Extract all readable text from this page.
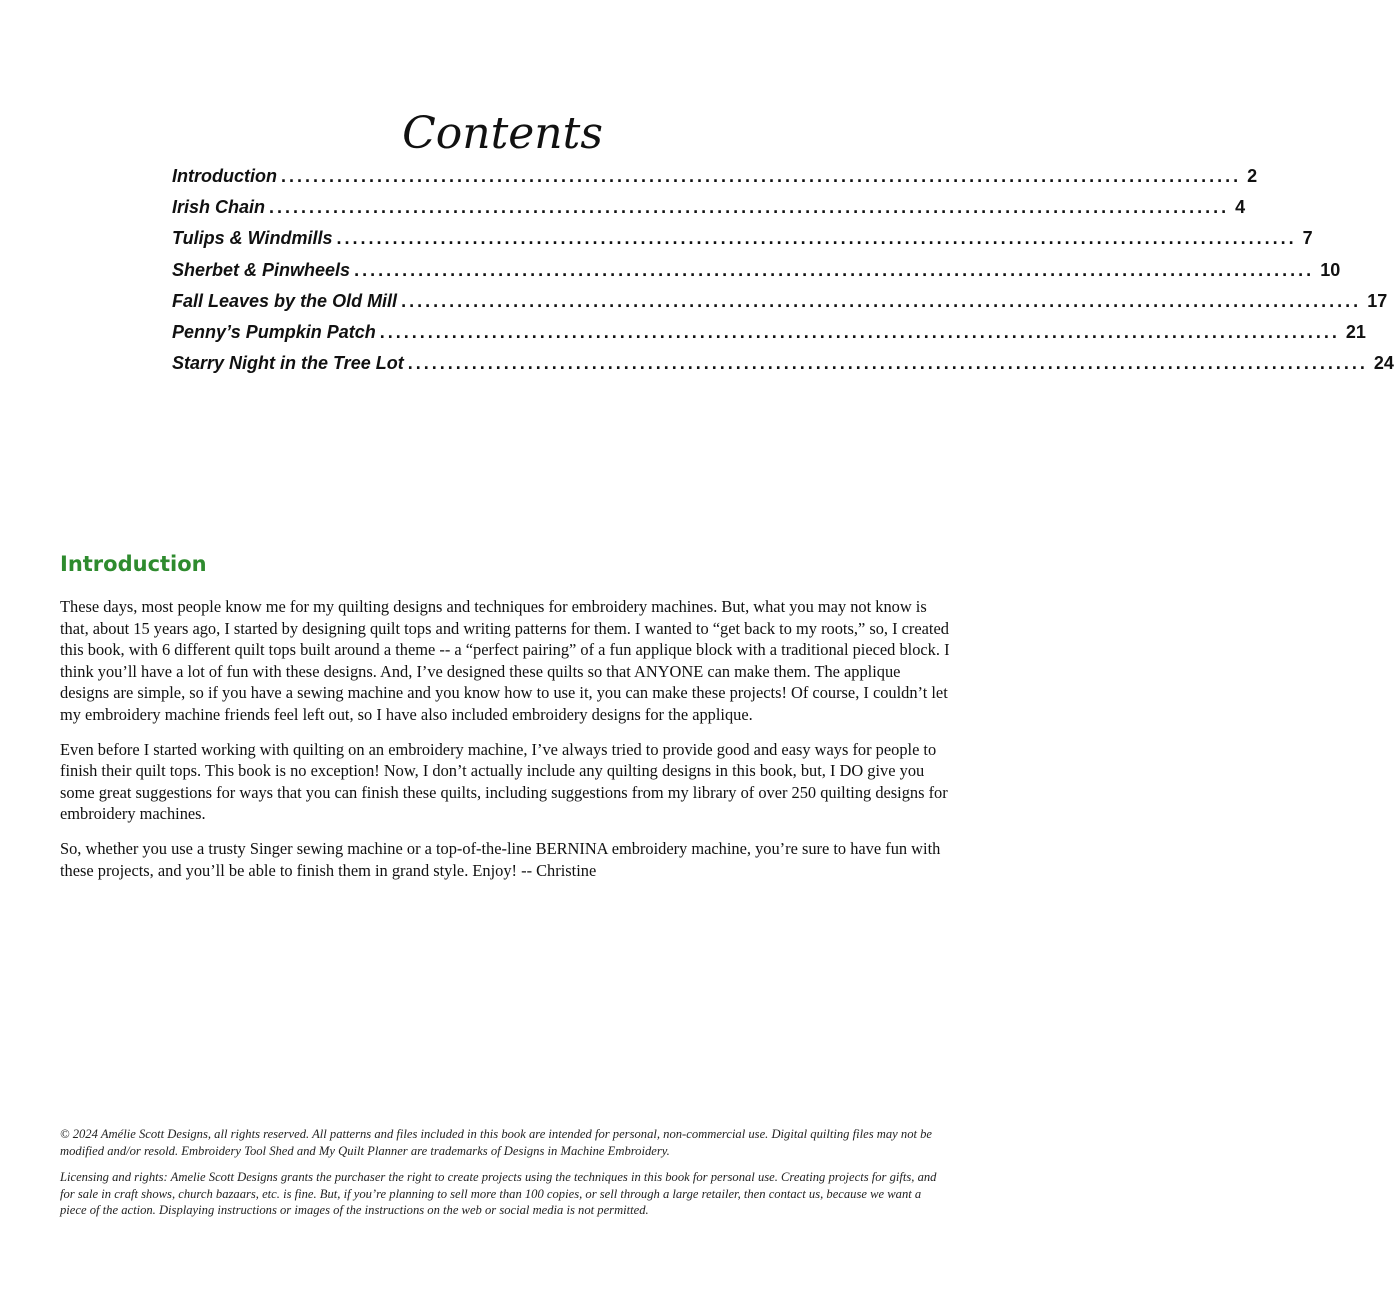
Contents
Introduction ........................................................................................................................ 2
Irish Chain ........................................................................................................................ 4
Tulips & Windmills ........................................................................................................................ 7
Sherbet & Pinwheels ........................................................................................................................ 10
Fall Leaves by the Old Mill ........................................................................................................................ 17
Penny’s Pumpkin Patch ........................................................................................................................ 21
Starry Night in the Tree Lot ........................................................................................................................ 24
Introduction

These days, most people know me for my quilting designs and techniques for embroidery machines. But, what you may not know is that, about 15 years ago, I started by designing quilt tops and writing patterns for them. I wanted to “get back to my roots,” so, I created this book, with 6 different quilt tops built around a theme -- a “perfect pairing” of a fun applique block with a traditional pieced block. I think you’ll have a lot of fun with these designs. And, I’ve designed these quilts so that ANYONE can make them. The applique designs are simple, so if you have a sewing machine and you know how to use it, you can make these projects! Of course, I couldn’t let my embroidery machine friends feel left out, so I have also included embroidery designs for the applique.

Even before I started working with quilting on an embroidery machine, I’ve always tried to provide good and easy ways for people to finish their quilt tops. This book is no exception! Now, I don’t actually include any quilting designs in this book, but, I DO give you some great suggestions for ways that you can finish these quilts, including suggestions from my library of over 250 quilting designs for embroidery machines.

So, whether you use a trusty Singer sewing machine or a top-of-the-line BERNINA embroidery machine, you’re sure to have fun with these projects, and you’ll be able to finish them in grand style. Enjoy! -- Christine

© 2024 Amélie Scott Designs, all rights reserved. All patterns and files included in this book are intended for personal, non-commercial use. Digital quilting files may not be modified and/or resold. Embroidery Tool Shed and My Quilt Planner are trademarks of Designs in Machine Embroidery.

Licensing and rights: Amelie Scott Designs grants the purchaser the right to create projects using the techniques in this book for personal use. Creating projects for gifts, and for sale in craft shows, church bazaars, etc. is fine. But, if you’re planning to sell more than 100 copies, or sell through a large retailer, then contact us, because we want a piece of the action. Displaying instructions or images of the instructions on the web or social media is not permitted.
